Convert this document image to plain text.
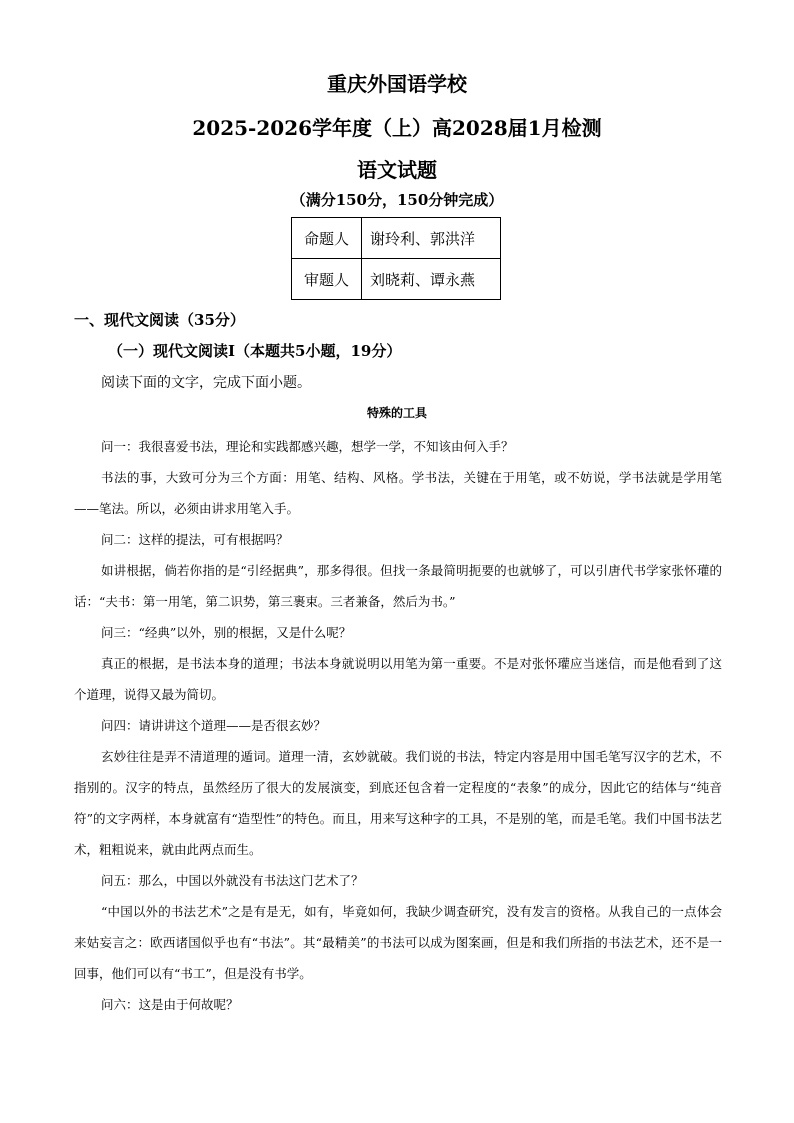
重庆外国语学校
2025-2026学年度（上）高2028届1月检测
语文试题
（满分150分，150分钟完成）
命题人	谢玲利、郭洪洋
审题人	刘晓莉、谭永燕
一、现代文阅读（35分）
（一）现代文阅读Ⅰ（本题共5小题，19分）
阅读下面的文字，完成下面小题。
特殊的工具

问一：我很喜爱书法，理论和实践都感兴趣，想学一学，不知该由何入手？

书法的事，大致可分为三个方面：用笔、结构、风格。学书法，关键在于用笔，或不妨说，学书法就是学用笔——笔法。所以，必须由讲求用笔入手。

问二：这样的提法，可有根据吗？

如讲根据，倘若你指的是“引经据典”，那多得很。但找一条最简明扼要的也就够了，可以引唐代书学家张怀瓘的话：“夫书：第一用笔，第二识势，第三裹束。三者兼备，然后为书。”

问三：“经典”以外，别的根据，又是什么呢？

真正的根据，是书法本身的道理；书法本身就说明以用笔为第一重要。不是对张怀瓘应当迷信，而是他看到了这个道理，说得又最为简切。

问四：请讲讲这个道理——是否很玄妙？

玄妙往往是弄不清道理的遁词。道理一清，玄妙就破。我们说的书法，特定内容是用中国毛笔写汉字的艺术，不指别的。汉字的特点，虽然经历了很大的发展演变，到底还包含着一定程度的“表象”的成分，因此它的结体与“纯音符”的文字两样，本身就富有“造型性”的特色。而且，用来写这种字的工具，不是别的笔，而是毛笔。我们中国书法艺术，粗粗说来，就由此两点而生。

问五：那么，中国以外就没有书法这门艺术了？

“中国以外的书法艺术”之是有是无，如有，毕竟如何，我缺少调查研究，没有发言的资格。从我自己的一点体会来姑妄言之：欧西诸国似乎也有“书法”。其“最精美”的书法可以成为图案画，但是和我们所指的书法艺术，还不是一回事，他们可以有“书工”，但是没有书学。

问六：这是由于何故呢？
